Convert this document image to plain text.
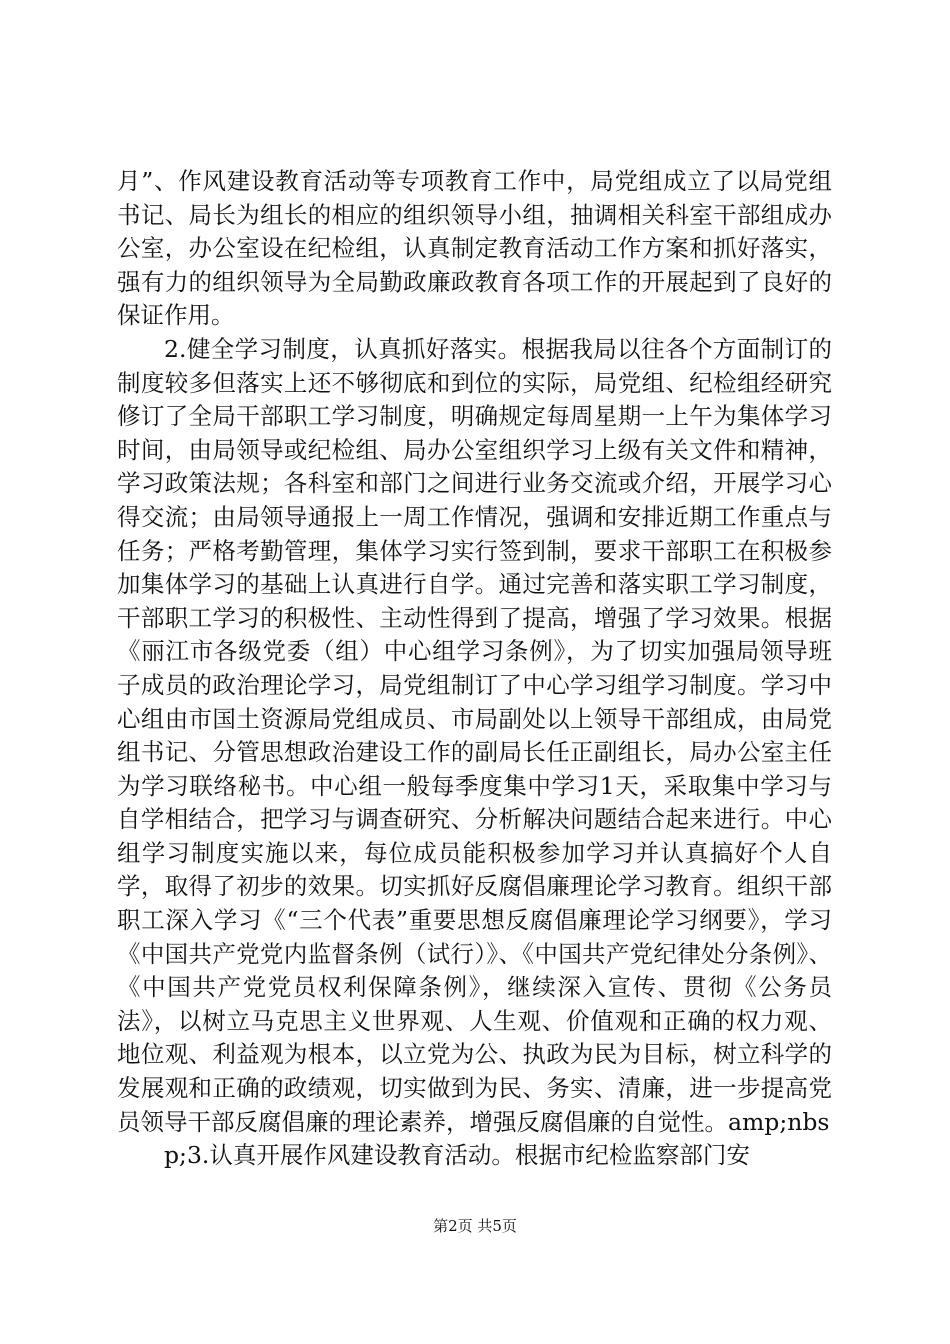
月”、作风建设教育活动等专项教育工作中，局党组成立了以局党组书记、局长为组长的相应的组织领导小组，抽调相关科室干部组成办公室，办公室设在纪检组，认真制定教育活动工作方案和抓好落实，强有力的组织领导为全局勤政廉政教育各项工作的开展起到了良好的保证作用。

2.健全学习制度，认真抓好落实。根据我局以往各个方面制订的制度较多但落实上还不够彻底和到位的实际，局党组、纪检组经研究修订了全局干部职工学习制度，明确规定每周星期一上午为集体学习时间，由局领导或纪检组、局办公室组织学习上级有关文件和精神，学习政策法规；各科室和部门之间进行业务交流或介绍，开展学习心得交流；由局领导通报上一周工作情况，强调和安排近期工作重点与任务；严格考勤管理，集体学习实行签到制，要求干部职工在积极参加集体学习的基础上认真进行自学。通过完善和落实职工学习制度，干部职工学习的积极性、主动性得到了提高，增强了学习效果。根据《丽江市各级党委（组）中心组学习条例》，为了切实加强局领导班子成员的政治理论学习，局党组制订了中心学习组学习制度。学习中心组由市国土资源局党组成员、市局副处以上领导干部组成，由局党组书记、分管思想政治建设工作的副局长任正副组长，局办公室主任为学习联络秘书。中心组一般每季度集中学习1天，采取集中学习与自学相结合，把学习与调查研究、分析解决问题结合起来进行。中心组学习制度实施以来，每位成员能积极参加学习并认真搞好个人自学，取得了初步的效果。切实抓好反腐倡廉理论学习教育。组织干部职工深入学习《“三个代表”重要思想反腐倡廉理论学习纲要》，学习《中国共产党党内监督条例（试行）》、《中国共产党纪律处分条例》、《中国共产党党员权利保障条例》，继续深入宣传、贯彻《公务员法》，以树立马克思主义世界观、人生观、价值观和正确的权力观、地位观、利益观为根本，以立党为公、执政为民为目标，树立科学的发展观和正确的政绩观，切实做到为民、务实、清廉，进一步提高党员领导干部反腐倡廉的理论素养，增强反腐倡廉的自觉性。amp;nbs

p;3.认真开展作风建设教育活动。根据市纪检监察部门安

第2页 共5页
